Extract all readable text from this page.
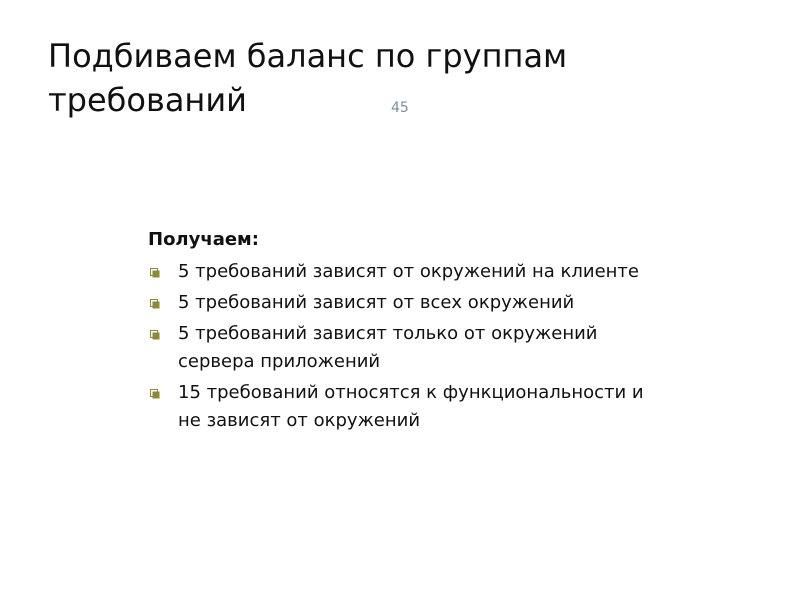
Подбиваем баланс по группам требований	45

Получаем:

5 требований зависят от окружений на клиенте
5 требований зависят от всех окружений
5 требований зависят только от окружений сервера приложений
15 требований относятся к функциональности и не зависят от окружений
